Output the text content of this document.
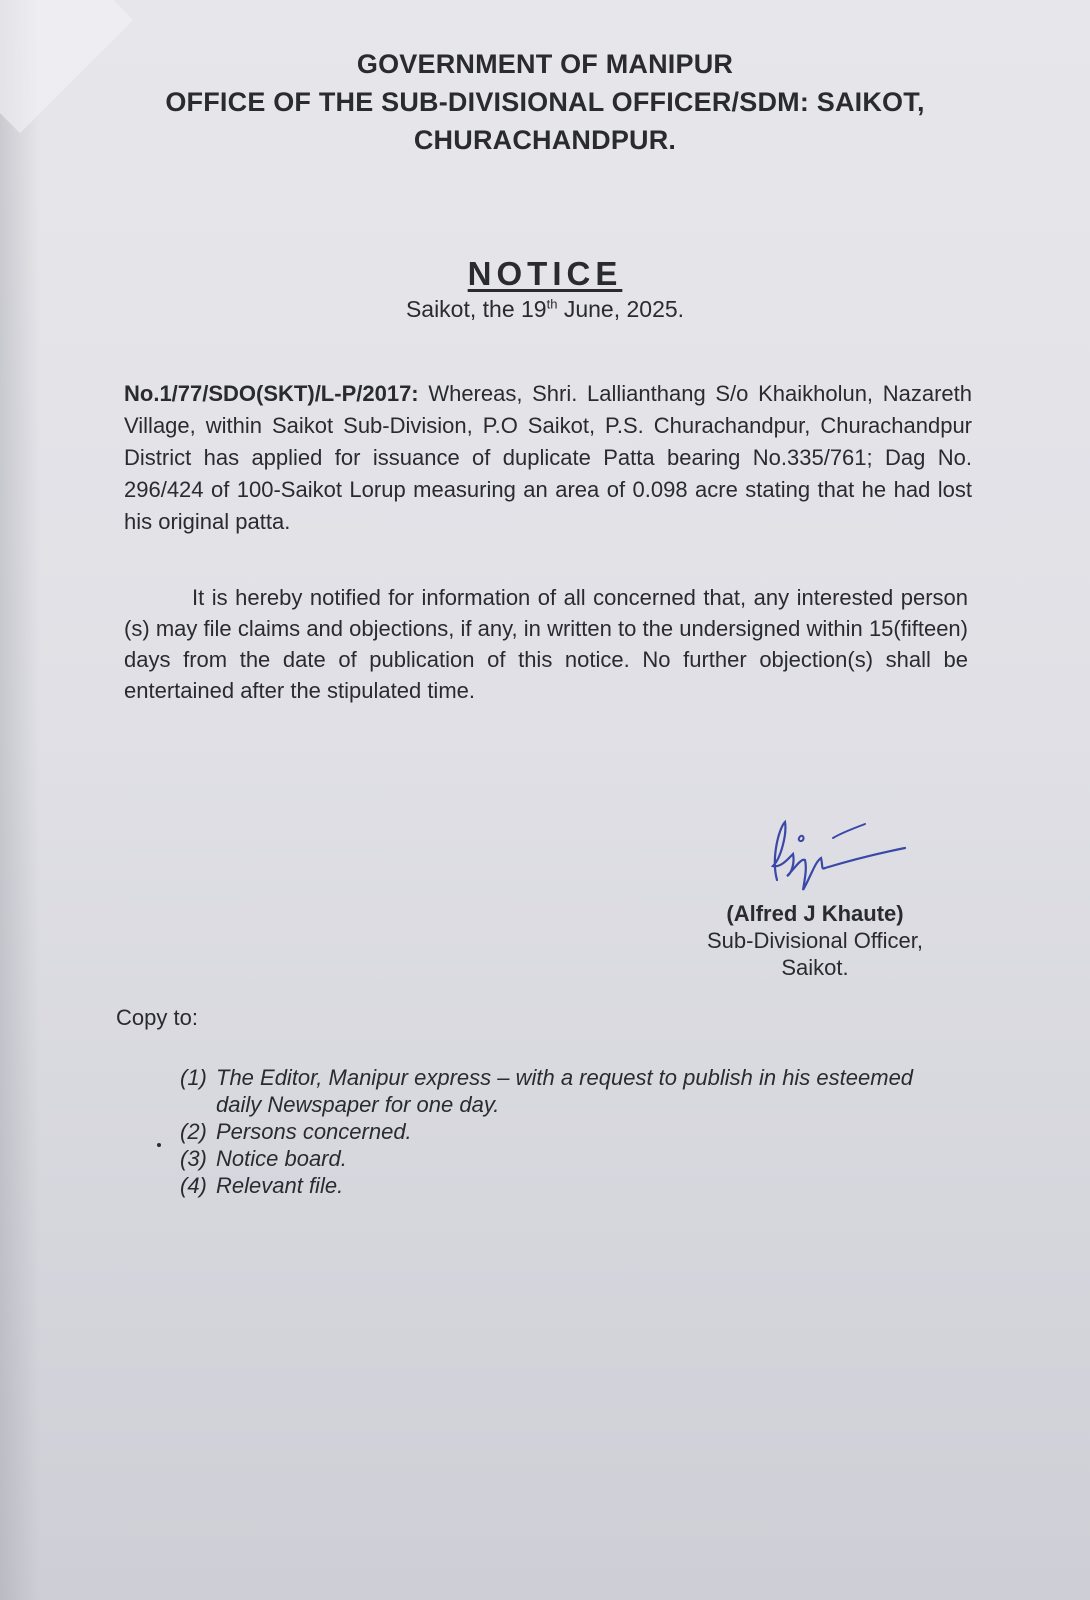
GOVERNMENT OF MANIPUR
OFFICE OF THE SUB-DIVISIONAL OFFICER/SDM: SAIKOT,
CHURACHANDPUR.
NOTICE
Saikot, the 19th June, 2025.
No.1/77/SDO(SKT)/L-P/2017: Whereas, Shri. Lallianthang S/o Khaikholun, Nazareth Village, within Saikot Sub-Division, P.O Saikot, P.S. Churachandpur, Churachandpur District has applied for issuance of duplicate Patta bearing No.335/761; Dag No. 296/424 of 100-Saikot Lorup measuring an area of 0.098 acre stating that he had lost his original patta.
It is hereby notified for information of all concerned that, any interested person (s) may file claims and objections, if any, in written to the undersigned within 15(fifteen) days from the date of publication of this notice. No further objection(s) shall be entertained after the stipulated time.
(Alfred J Khaute)
Sub-Divisional Officer,
Saikot.
Copy to:
(1) The Editor, Manipur express – with a request to publish in his esteemed daily Newspaper for one day.
(2) Persons concerned.
(3) Notice board.
(4) Relevant file.
